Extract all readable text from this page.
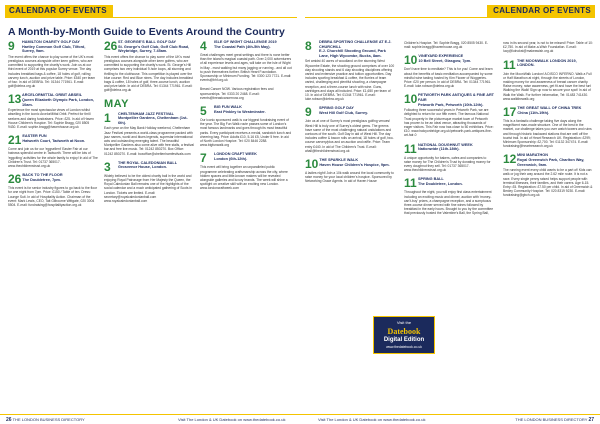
CALENDAR OF EVENTS	CALENDAR OF EVENTS
A Month-by-Month Guide to Events Around the Country
9	HAMILTON CHARITY GOLF DAY
Hartley Common Golf Club, Tilford, Surrey, 9am.
The event offers the chance to play some of the UK's most prestigious courses alongside other keen golfers, who are committed to supporting the charity's work. Join us at our third event of 2019 at this popular Surrey venue. The day includes breakfast bags & coffee, 18 holes of golf, rolling carvery lunch, auction and prize table. Price: £540 per team of four. In aid of DEBRA. Tel: 01344 771961. E-mail: golf@debra.org.uk
13 ARCELORMITTAL ORBIT ABSEIL
Queen Elizabeth Olympic Park, London, 10am.
Experience the most spectacular views of London whilst abseiling in the iconic ArcelorMittal Orbit. Perfect for thrill seekers and daring fundraisers. Price: £25. In aid of Haven House Children's Hospice. Tel: Sophie Bragg, 020 8505 9430. E-mail: sophie.bragg@havenhouse.org.uk
21 EASTER FUN
Hatworth Court, Tadworth at Noon.
Come and join us for our 'eggsellent' Easter Fair at our hatrows splendid centre in Tadworth. There will be lots of 'eggciting' activities for the whole family to enjoy! In aid of The Children's Trust. Tel: 01737 365017. www.thechildrenstrust.org.uk
26 BACK TO THE FLOOR
The Doubletree, 7pm.
This event is for senior industry figures to go back to the floor for one night from 7pm. Price: £150 / Table of ten. Dress: Lounge Suit. In aid of Hospitality Action. Chairman of the event: Mark Lewis, CEO, Tait Gilbourne Wittgate, 020 3004 5504. E-mail: fundraising@hospitalityaction.org.uk
26 ST. GEORGE'S BALL GOLF DAY
St. George's Golf Club, Golf Club Road, Weybridge, Surrey, 7.45am.
This event offers the chance to play some of the UK's most prestigious courses alongside other keen golfers, who are committed to supporting the charity's work. St. George's Hill comprises two very individual 9-hole loops, all stunning and thrilling to the clubhouse. This competition is played over the blue course: Red and Blue nines. The day includes breakfast bags & coffee, 18 holes of golf, three-course lunch, auction and prize table. In aid of DEBRA. Tel: 01344 771961. E-mail: golf@debra.org.uk
MAY
1	CHELTENHAM JAZZ FESTIVAL
Montpellier Gardens, Cheltenham (1st-6th).
Each year on the May Bank Holiday weekend, Cheltenham Jazz Festival presents a world-class programme packed with jazz names, world and blues legends, superstar international acts and outstanding emerging talent. The beautiful Montpellier Gardens also come alive with free stalls, a festival bar and free live music. Tel: 01242 850270. Box Office: 01242 850270. E-mail: boxoffice@cheltenhamfestivals.com
3	THE ROYAL CALEDONIAN BALL
Grosvenor House, London.
Widely believed to be the oldest charity ball in the world and enjoying Royal Patronage from Her Majesty the Queen, the Royal Caledonian Ball remains one of the highlights of the social calendar and a much anticipated gathering of Scots in London. Tickets are limited. E-mail: secretary@royalcaledonianball.com www.royalcaledonianball.com
4	ISLE OF WIGHT CHALLENGE 2019
The Coastal Path (4th-5th May).
Great challenges meet great settings and there is none better than the island's magical coastal path. Over 2,000 adventurers of all experience levels and ages, will take on the Isle of Wight in May - most walking but many jogging or running - and all out to push themselves further. British Heart Foundation. Sponsorship or Minimum Funding. Tel: 0300 123 7721. E-mail: events@bhf.org.uk
Breast Cancer NOW. Various registration fees and sponsorships. Tel: 0333 20 2468. E-mail: events@breastcancernow.org
5	BIG FUN WALK
East Pinkley to Westminster.
Our iconic sponsored walk is our biggest fundraising event of the year. The Big Fun Walk route passes some of London's most famous landmarks and goes through its most beautiful parks. Every participant receives a medal, sandwich lunch and cheering bag. Price: Adults £10, 5-16 £5, Under 5 free. In aid of North London Hospice. Tel: 020 8446 2288. www.bigfunwalk.org
7	LONDON CRAFT WEEK
London (6th-12th).
This event will bring together an unparalleled public programme celebrating craftsmanship across the city, where hidden spaces and little-known makers will be revealed alongside galleries and luxury brands. The week will shine a spotlight on creative skill with an exciting new London. www.londoncraftweek.com
8	DEBRA SPORTING CHALLENGE AT E.J. CHURCHILL
E.J. Churchill Shooting Ground, Park Lane, High Wycombe, Bucks, 8am.
Set amidst 40 acres of woodland on the stunning West Wycombe Estate, the shooting ground comprises of over 100 clay shooting stands and 6 clay shooting disciplines offering varied and extensive practice and tuition opportunities. Day includes sporting breakfast & coffee, the flurries of team varied, challenging and plentiful shooting, a champagne reception, and a three-course lunch with wine. Guns, cartridges and clays all included. Price: £1,650 per team of 10. In aid of DEBRA. Tel: 01344 771961. E-mail: luke.robson@debra.org.uk
9	SPRING GOLF DAY
West Hill Golf Club, Surrey.
Join us at one of Surrey's most prestigious golfing venues! West Hill is truly one of Surrey's oldest gems. The greens have some of the most challenging natural undulations and contours of the south. Golf Day in aid of West Hill. The day includes coffee & bacon rolls on arrival, 18 holes of golf, two-course carvery/plus and an auction and raffle. Price: Team entry £440. In aid of The Children's Trust. E-mail: ahall@thechildrenstrust.org.uk
10 THE SPARKLE WALK
Haven House Children's Hospice, 9pm.
A ladies night! Join a 10k walk around the local community to raise money for your local children's hospice. Sponsored by Networking Grace Agents. In aid of Haven House
Children's Hospice. Tel: Sophie Bragg, 020 8505 9430. E-mail: sophie.bragg@havenhouse.org.uk
10 VINEYARD EXPERIENCE
10 Bell Street, Glasgow, 7pm.
Don't have time to meditate? This is for you! Come and learn about the benefits of basic meditation accompanied by some mindful wine tasting hosted by Kim Flower of Woggeries. Price: £20 per person. In aid of DEBRA. Tel: 01344 771961. E-mail: luke.robson@debra.org.uk
10 PETWORTH PARK ANTIQUES & FINE ART FAIR
Petworth Park, Petworth (10th-12th).
Following three successful years in Petworth Park, we are delighted to return for our fifth event. The famous National Trust property in the picturesque market town of Petworth has proven to be an ideal venue, attracting thousands of eager visitors. This Fair now has close to 50 exhibitors. Price: £10. www.halcyonbridge.org.uk/petworth-park-antiques-fine-art-fair-0
11 NATIONAL DOUGHNUT WEEK
Nationwide (11th-18th).
A unique opportunity for bakers, cafes and companies to raise money for The Children's Trust by donating money for every doughnut they sell. Tel: 01737 365017. www.thechildrenstrust.org.uk
11 SPRING BALL
The Doubletree, London.
Throughout the night, you will enjoy first class entertainment including an exciting music and dinner, auction with 'money-can't-buy' prizes, a champagne reception, and a sumptuous three-course dinner served with fine wines followed by breakfast in the early hours. Brought to you by the committee that previously hosted the Valentine's Ball, the Spring Ball,
now in its second year, is not to be missed! Price: Table of 10: £2,750. In aid of Make-a-Wish Foundation. E-mail: lucy@lolnokst@makeawish.org.uk
11 THE MOONWALK LONDON 2019, LONDON.
Join the MoonWalk London! A DISCO INFERNO. Walk a Full or Half Marathon at night, through the streets of London, making money for and awareness of breast cancer charity. Raise money, raise awareness, get fit and have the best fun! Walking the Walk! Sign up now to secure your spot! In aid of Walk the Walk. For further information, Tel: 01483 741430. www.walkthewalk.org
17 THE GREAT WALL OF CHINA TREK
China (11th-19th).
This is a fantastic challenge taking five days along the magnificent man-made structure. One of the best in the market, our challenge takes you over watch towers and ruins and through historic backward stations that are well off the tourist trail. In aid of Heart Research UK. Registration: £299; Minimum Sponsorship: £2,700. Tel: 01132 347474. E-mail: fundraising@heartresearch.org.uk
12 MINI MARATHON
Royal Greenwich Park, Charlton Way, Greenwich, 9am.
The running event every child wants to be a part of! Kids can walk or jog their way around the 2.62 mile route. It is not a race. Every single penny raised helps support people with terminal illnesses, their families, and their carers. Age 6-15. Entry: £5. Registration: £7.50 per child. In aid of Greenwich & Bexley Community Hospice. Tel: 020 8319 9230. E-mail: fundraising@gbch.org.uk
Visit the
Datebook
Digital Edition
www.thedatebook.co.uk
26 THE LONDON BUSINESS DIRECTORY	Visit The London & UK Datebook on www.thedatebook.co.uk	Visit The London & UK Datebook on www.thedatebook.co.uk	THE LONDON BUSINESS DIRECTORY 27
